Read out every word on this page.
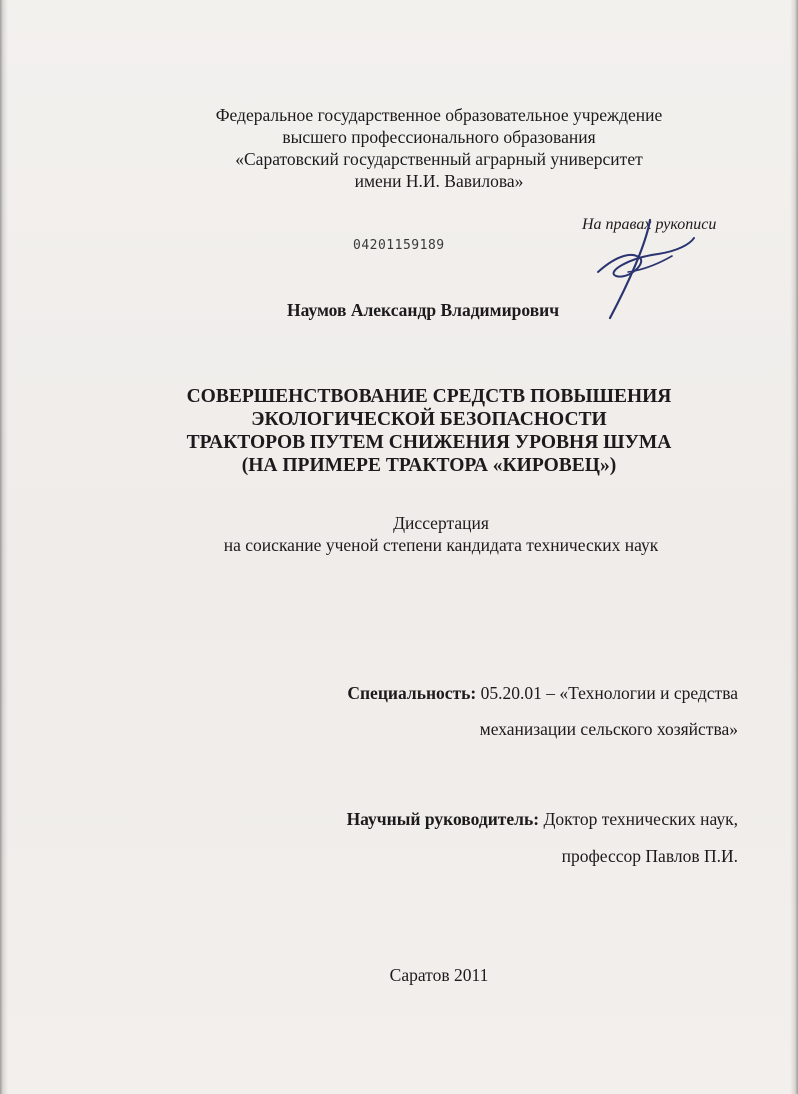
Федеральное государственное образовательное учреждение
высшего профессионального образования
«Саратовский государственный аграрный университет
имени Н.И. Вавилова»
На правах рукописи
04201159189
Наумов Александр Владимирович
СОВЕРШЕНСТВОВАНИЕ СРЕДСТВ ПОВЫШЕНИЯ
ЭКОЛОГИЧЕСКОЙ БЕЗОПАСНОСТИ
ТРАКТОРОВ ПУТЕМ СНИЖЕНИЯ УРОВНЯ ШУМА
(НА ПРИМЕРЕ ТРАКТОРА «КИРОВЕЦ»)
Диссертация
на соискание ученой степени кандидата технических наук
Специальность: 05.20.01 – «Технологии и средства
механизации сельского хозяйства»
Научный руководитель: Доктор технических наук,
профессор Павлов П.И.
Саратов 2011
